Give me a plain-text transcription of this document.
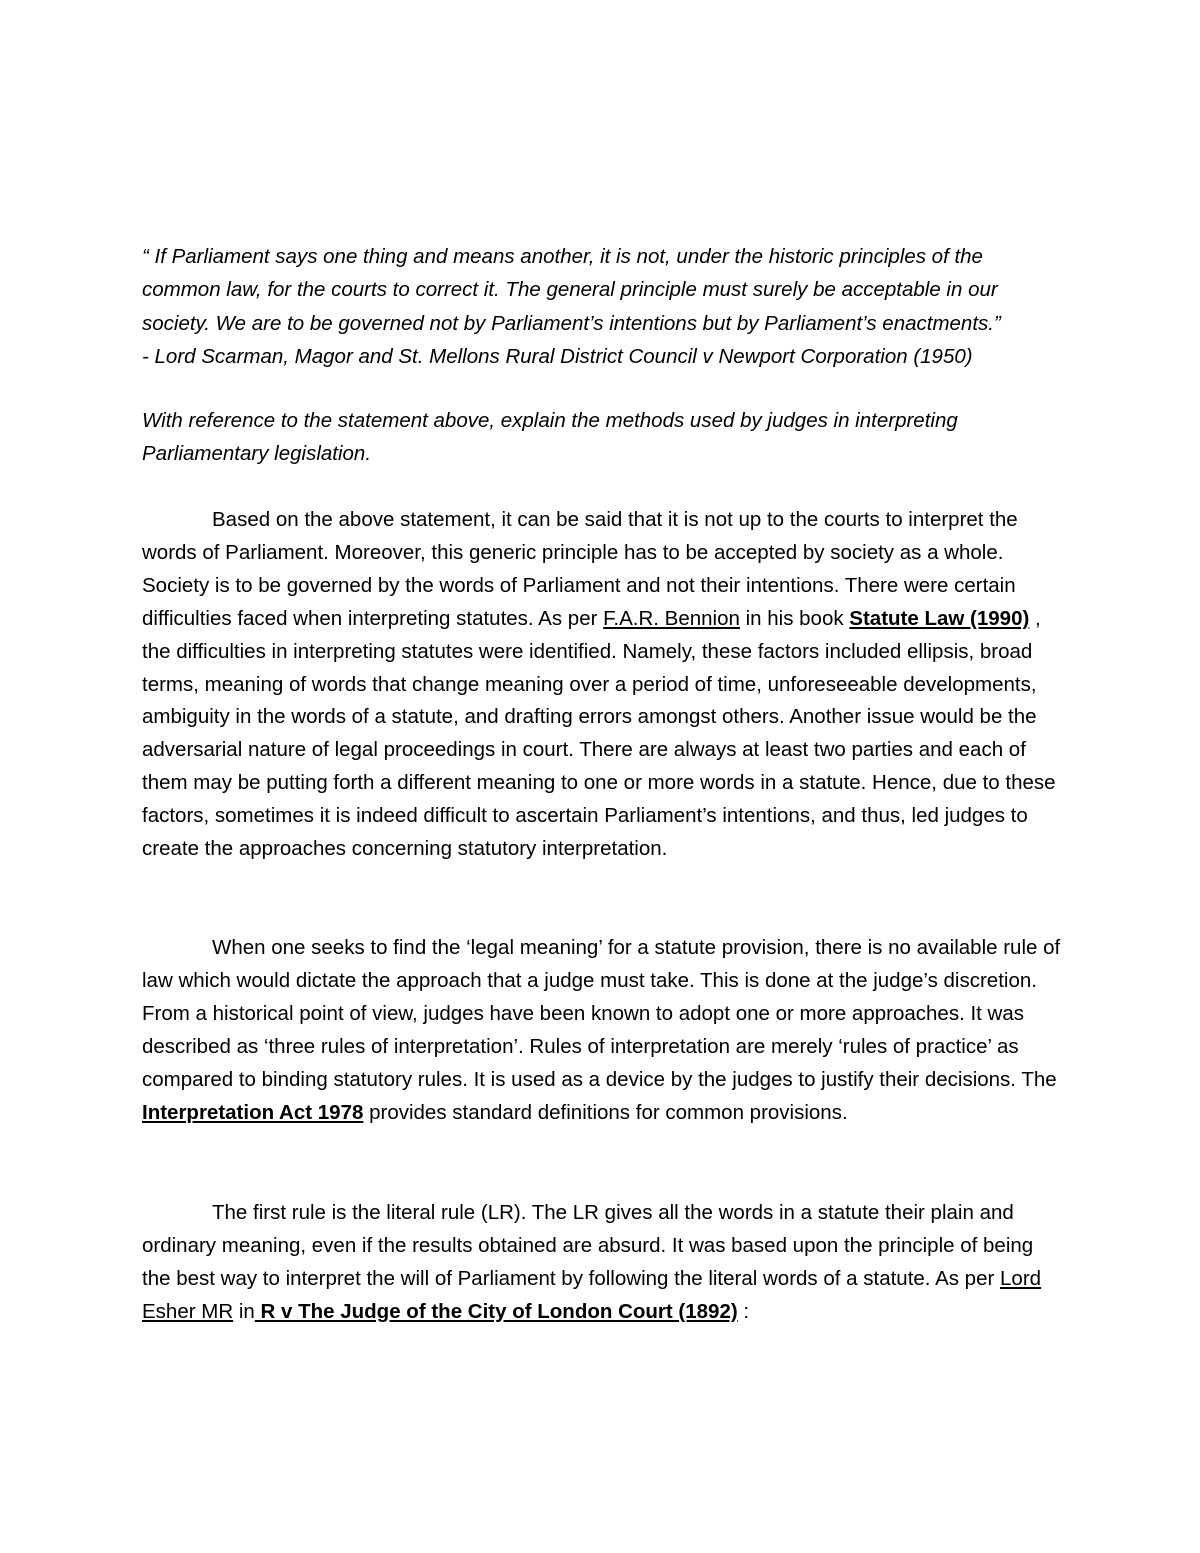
“ If Parliament says one thing and means another, it is not, under the historic principles of the
common law, for the courts to correct it. The general principle must surely be acceptable in our
society. We are to be governed not by Parliament’s intentions but by Parliament’s enactments.”
- Lord Scarman, Magor and St. Mellons Rural District Council v Newport Corporation (1950)
With reference to the statement above, explain the methods used by judges in interpreting
Parliamentary legislation.

Based on the above statement, it can be said that it is not up to the courts to interpret the words of Parliament. Moreover, this generic principle has to be accepted by society as a whole. Society is to be governed by the words of Parliament and not their intentions. There were certain difficulties faced when interpreting statutes. As per F.A.R. Bennion in his book Statute Law (1990) , the difficulties in interpreting statutes were identified. Namely, these factors included ellipsis, broad terms, meaning of words that change meaning over a period of time, unforeseeable developments, ambiguity in the words of a statute, and drafting errors amongst others. Another issue would be the adversarial nature of legal proceedings in court. There are always at least two parties and each of them may be putting forth a different meaning to one or more words in a statute. Hence, due to these factors, sometimes it is indeed difficult to ascertain Parliament’s intentions, and thus, led judges to create the approaches concerning statutory interpretation.

When one seeks to find the ‘legal meaning’ for a statute provision, there is no available rule of law which would dictate the approach that a judge must take. This is done at the judge’s discretion. From a historical point of view, judges have been known to adopt one or more approaches. It was described as ‘three rules of interpretation’. Rules of interpretation are merely ‘rules of practice’ as compared to binding statutory rules. It is used as a device by the judges to justify their decisions. The Interpretation Act 1978 provides standard definitions for common provisions.

The first rule is the literal rule (LR). The LR gives all the words in a statute their plain and ordinary meaning, even if the results obtained are absurd. It was based upon the principle of being the best way to interpret the will of Parliament by following the literal words of a statute. As per Lord Esher MR in R v The Judge of the City of London Court (1892) :
